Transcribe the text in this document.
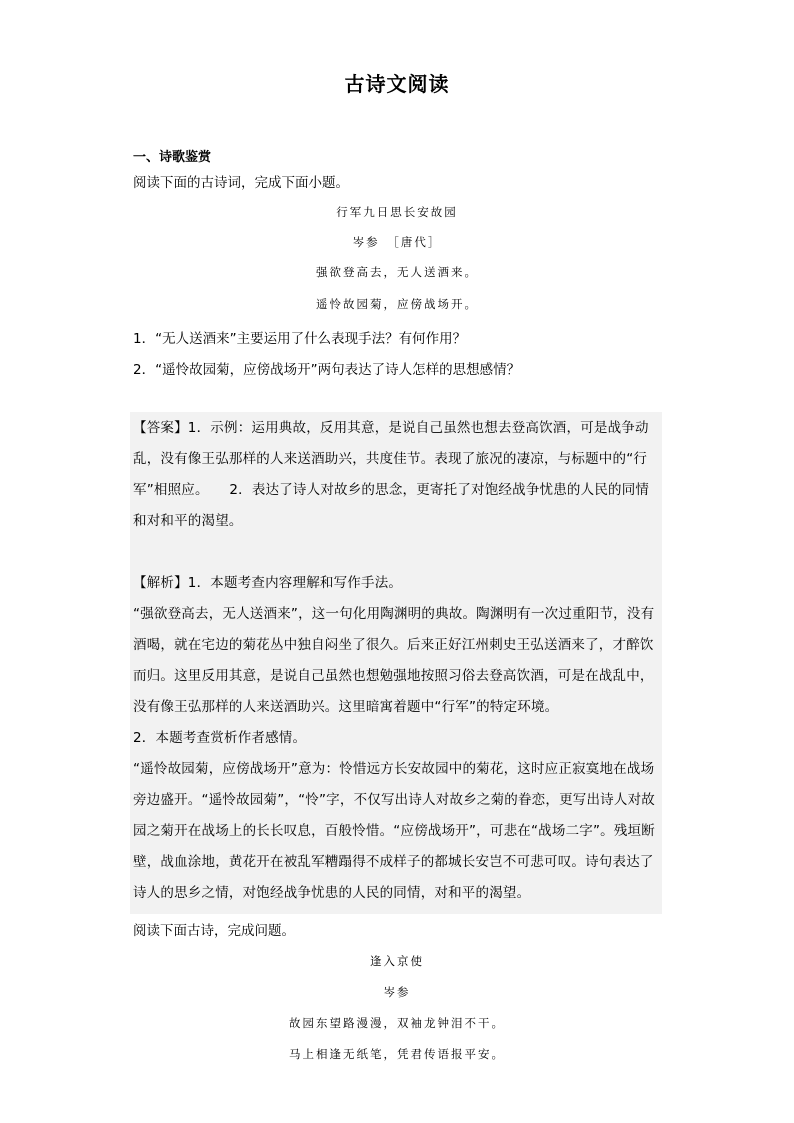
古诗文阅读
一、诗歌鉴赏
阅读下面的古诗词，完成下面小题。
行军九日思长安故园
岑参　［唐代］
强欲登高去，无人送酒来。
遥怜故园菊，应傍战场开。
1．“无人送酒来”主要运用了什么表现手法？有何作用？
2．“遥怜故园菊，应傍战场开”两句表达了诗人怎样的思想感情？
【答案】1．示例：运用典故，反用其意，是说自己虽然也想去登高饮酒，可是战争动
乱，没有像王弘那样的人来送酒助兴，共度佳节。表现了旅况的凄凉，与标题中的“行
军”相照应。　　2．表达了诗人对故乡的思念，更寄托了对饱经战争忧患的人民的同情
和对和平的渴望。
【解析】1．本题考查内容理解和写作手法。
“强欲登高去，无人送酒来”，这一句化用陶渊明的典故。陶渊明有一次过重阳节，没有
酒喝，就在宅边的菊花丛中独自闷坐了很久。后来正好江州刺史王弘送酒来了，才醉饮
而归。这里反用其意，是说自己虽然也想勉强地按照习俗去登高饮酒，可是在战乱中，
没有像王弘那样的人来送酒助兴。这里暗寓着题中“行军”的特定环境。
2．本题考查赏析作者感情。
“遥怜故园菊，应傍战场开”意为：怜惜远方长安故园中的菊花，这时应正寂寞地在战场
旁边盛开。“遥怜故园菊”，“怜”字，不仅写出诗人对故乡之菊的眷恋，更写出诗人对故
园之菊开在战场上的长长叹息，百般怜惜。“应傍战场开”，可悲在“战场二字”。残垣断
壁，战血涂地，黄花开在被乱军糟蹋得不成样子的都城长安岂不可悲可叹。诗句表达了
诗人的思乡之情，对饱经战争忧患的人民的同情，对和平的渴望。
阅读下面古诗，完成问题。
逢入京使
岑参
故园东望路漫漫，双袖龙钟泪不干。
马上相逢无纸笔，凭君传语报平安。
